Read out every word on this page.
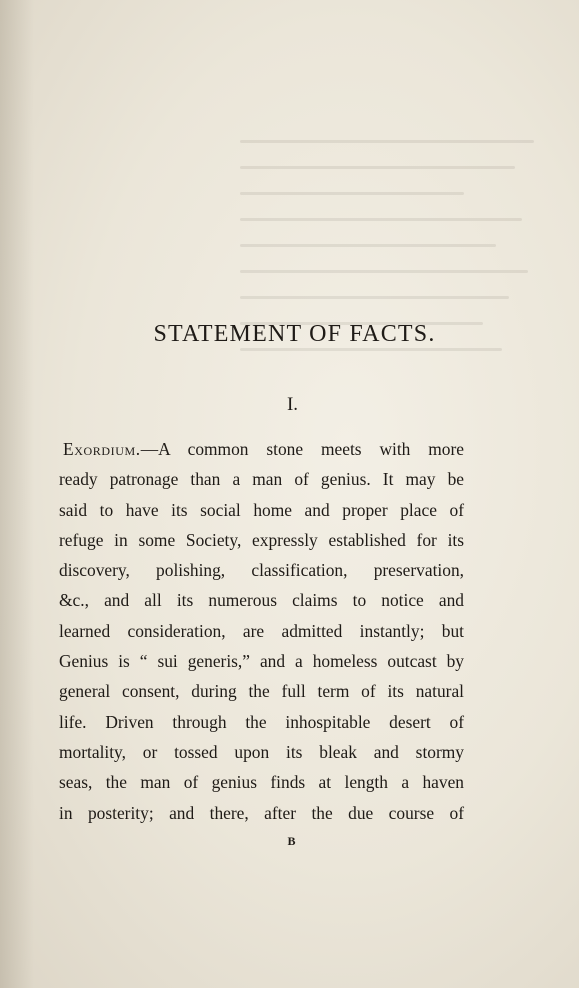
STATEMENT OF FACTS.
I.
Exordium.—A common stone meets with more
ready patronage than a man of genius. It may be
said to have its social home and proper place of
refuge in some Society, expressly established for its
discovery, polishing, classification, preservation,
&c., and all its numerous claims to notice and
learned consideration, are admitted instantly; but
Genius is “ sui generis,” and a homeless outcast by
general consent, during the full term of its natural
life. Driven through the inhospitable desert of
mortality, or tossed upon its bleak and stormy
seas, the man of genius finds at length a haven
in posterity; and there, after the due course of
B
